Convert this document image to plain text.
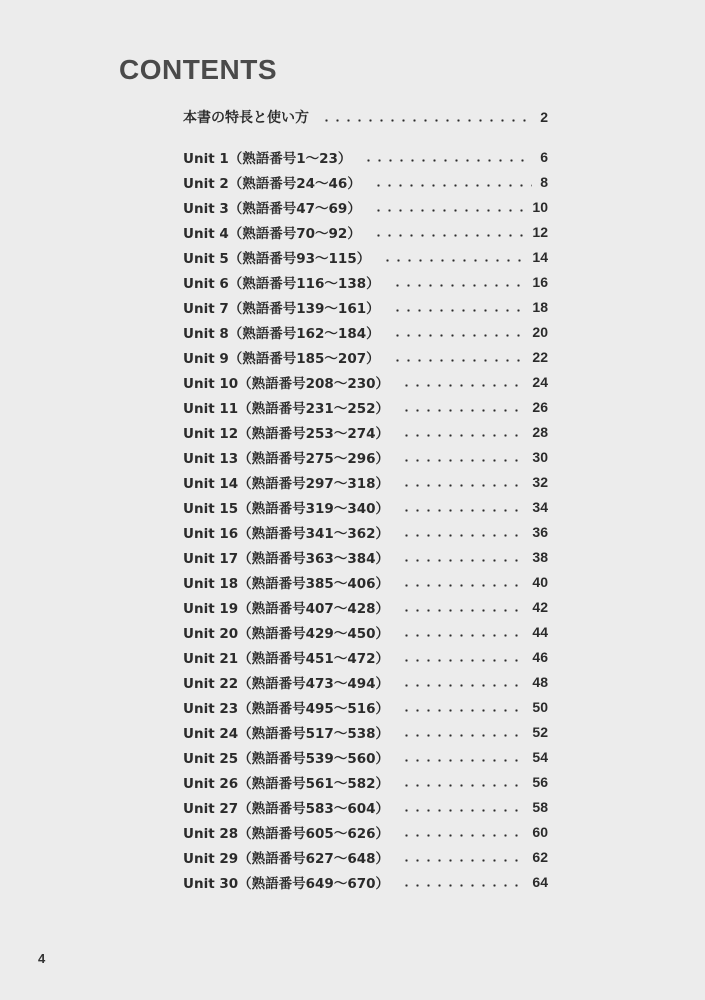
CONTENTS
本書の特長と使い方	2
Unit 1（熟語番号1～23）	6
Unit 2（熟語番号24～46）	8
Unit 3（熟語番号47～69）	10
Unit 4（熟語番号70～92）	12
Unit 5（熟語番号93～115）	14
Unit 6（熟語番号116～138）	16
Unit 7（熟語番号139～161）	18
Unit 8（熟語番号162～184）	20
Unit 9（熟語番号185～207）	22
Unit 10（熟語番号208～230）	24
Unit 11（熟語番号231～252）	26
Unit 12（熟語番号253～274）	28
Unit 13（熟語番号275～296）	30
Unit 14（熟語番号297～318）	32
Unit 15（熟語番号319～340）	34
Unit 16（熟語番号341～362）	36
Unit 17（熟語番号363～384）	38
Unit 18（熟語番号385～406）	40
Unit 19（熟語番号407～428）	42
Unit 20（熟語番号429～450）	44
Unit 21（熟語番号451～472）	46
Unit 22（熟語番号473～494）	48
Unit 23（熟語番号495～516）	50
Unit 24（熟語番号517～538）	52
Unit 25（熟語番号539～560）	54
Unit 26（熟語番号561～582）	56
Unit 27（熟語番号583～604）	58
Unit 28（熟語番号605～626）	60
Unit 29（熟語番号627～648）	62
Unit 30（熟語番号649～670）	64
4
